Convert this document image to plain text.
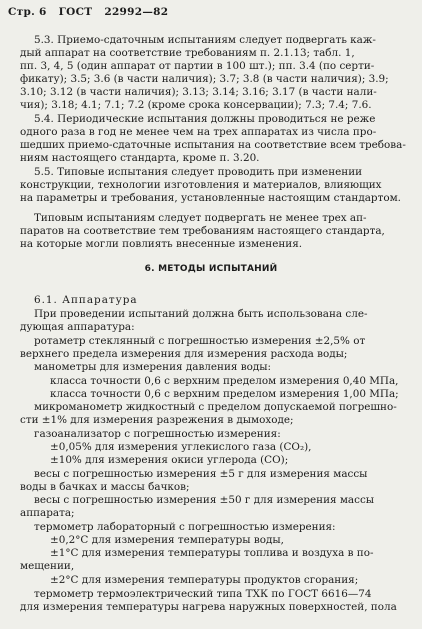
Стр. 6 ГОСТ 22992—82
5.3. Приемо-сдаточным испытаниям следует подвергать каж-
дый аппарат на соответствие требованиям п. 2.1.13; табл. 1,
пп. 3, 4, 5 (один аппарат от партии в 100 шт.); пп. 3.4 (по серти-
фикату); 3.5; 3.6 (в части наличия); 3.7; 3.8 (в части наличия); 3.9;
3.10; 3.12 (в части наличия); 3.13; 3.14; 3.16; 3.17 (в части нали-
чия); 3.18; 4.1; 7.1; 7.2 (кроме срока консервации); 7.3; 7.4; 7.6.
5.4. Периодические испытания должны проводиться не реже
одного раза в год не менее чем на трех аппаратах из числа про-
шедших приемо-сдаточные испытания на соответствие всем требова-
ниям настоящего стандарта, кроме п. 3.20.
5.5. Типовые испытания следует проводить при изменении
конструкции, технологии изготовления и материалов, влияющих
на параметры и требования, установленные настоящим стандартом.
Типовым испытаниям следует подвергать не менее трех ап-
паратов на соответствие тем требованиям настоящего стандарта,
на которые могли повлиять внесенные изменения.
6. МЕТОДЫ ИСПЫТАНИЙ
6.1. Аппаратура
При проведении испытаний должна быть использована сле-
дующая аппаратура:
ротаметр стеклянный с погрешностью измерения ±2,5% от
верхнего предела измерения для измерения расхода воды;
манометры для измерения давления воды:
класса точности 0,6 с верхним пределом измерения 0,40 МПа,
класса точности 0,6 с верхним пределом измерения 1,00 МПа;
микроманометр жидкостный с пределом допускаемой погрешно-
сти ±1% для измерения разрежения в дымоходе;
газоанализатор с погрешностью измерения:
±0,05% для измерения углекислого газа (CO₂),
±10% для измерения окиси углерода (CO);
весы с погрешностью измерения ±5 г для измерения массы
воды в бачках и массы бачков;
весы с погрешностью измерения ±50 г для измерения массы
аппарата;
термометр лабораторный с погрешностью измерения:
±0,2°C для измерения температуры воды,
±1°C для измерения температуры топлива и воздуха в по-
мещении,
±2°C для измерения температуры продуктов сгорания;
термометр термоэлектрический типа ТХК по ГОСТ 6616—74
для измерения температуры нагрева наружных поверхностей, пола
